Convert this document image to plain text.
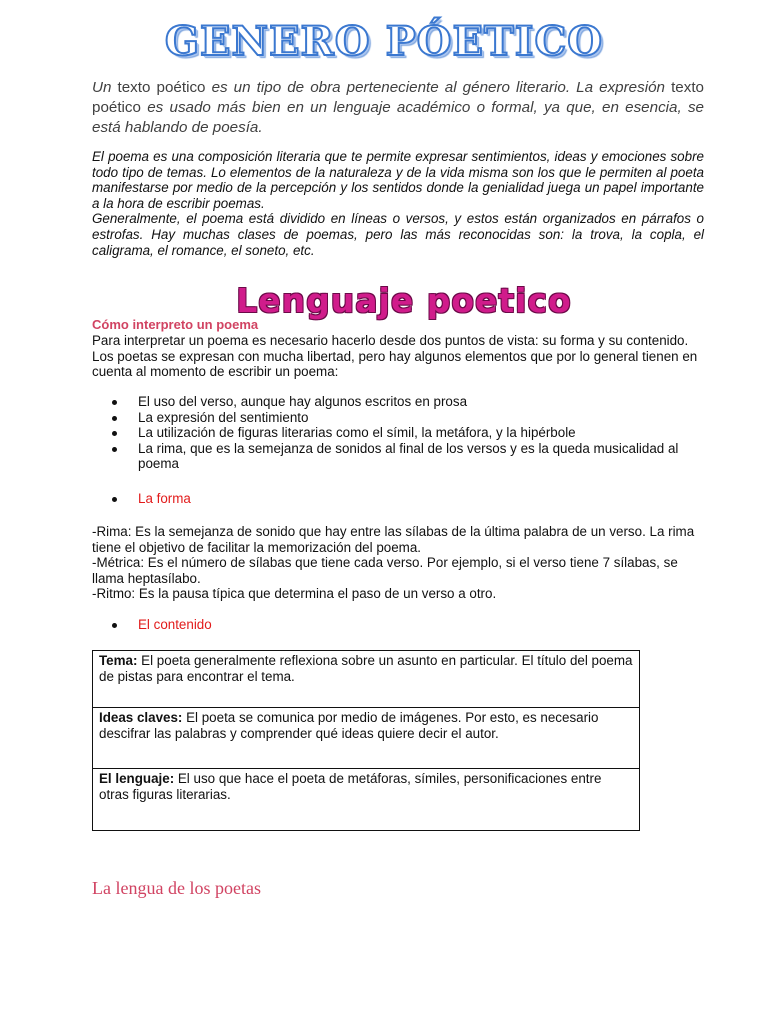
GENERO PÓETICO
Un texto poético es un tipo de obra perteneciente al género literario. La expresión texto poético es usado más bien en un lenguaje académico o formal, ya que, en esencia, se está hablando de poesía.

El poema es una composición literaria que te permite expresar sentimientos, ideas y emociones sobre todo tipo de temas. Lo elementos de la naturaleza y de la vida misma son los que le permiten al poeta manifestarse por medio de la percepción y los sentidos donde la genialidad juega un papel importante a la hora de escribir poemas.

Generalmente, el poema está dividido en líneas o versos, y estos están organizados en párrafos o estrofas. Hay muchas clases de poemas, pero las más reconocidas son: la trova, la copla, el caligrama, el romance, el soneto, etc.

Lenguaje poetico
Cómo interpreto un poema

Para interpretar un poema es necesario hacerlo desde dos puntos de vista: su forma y su contenido.

Los poetas se expresan con mucha libertad, pero hay algunos elementos que por lo general tienen en cuenta al momento de escribir un poema:

El uso del verso, aunque hay algunos escritos en prosa
La expresión del sentimiento
La utilización de figuras literarias como el símil, la metáfora, y la hipérbole
La rima, que es la semejanza de sonidos al final de los versos y es la queda musicalidad al poema
La forma

-Rima: Es la semejanza de sonido que hay entre las sílabas de la última palabra de un verso. La rima tiene el objetivo de facilitar la memorización del poema.

-Métrica: Es el número de sílabas que tiene cada verso. Por ejemplo, si el verso tiene 7 sílabas, se llama heptasílabo.

-Ritmo: Es la pausa típica que determina el paso de un verso a otro.

El contenido
Tema: El poeta generalmente reflexiona sobre un asunto en particular. El título del poema de pistas para encontrar el tema.
Ideas claves: El poeta se comunica por medio de imágenes. Por esto, es necesario descifrar las palabras y comprender qué ideas quiere decir el autor.
El lenguaje: El uso que hace el poeta de metáforas, símiles, personificaciones entre otras figuras literarias.
La lengua de los poetas
